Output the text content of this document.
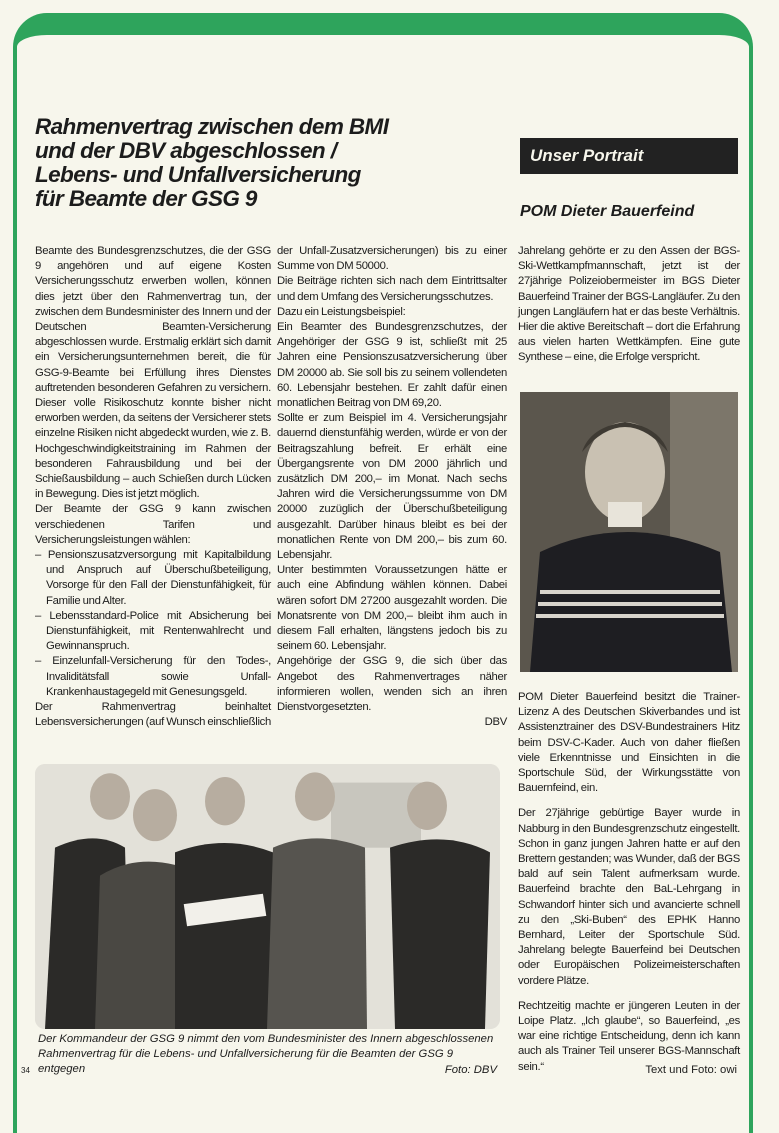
Rahmenvertrag zwischen dem BMI
und der DBV abgeschlossen /
Lebens- und Unfallversicherung
für Beamte der GSG 9
Unser Portrait
POM Dieter Bauerfeind

Beamte des Bundesgrenzschutzes, die der GSG 9 angehören und auf eigene Kosten Versicherungsschutz erwerben wollen, können dies jetzt über den Rahmenvertrag tun, der zwischen dem Bundesminister des Innern und der Deutschen Beamten-Versicherung abgeschlossen wurde. Erstmalig erklärt sich damit ein Versicherungsunternehmen bereit, die für GSG-9-Beamte bei Erfüllung ihres Dienstes auftretenden besonderen Gefahren zu versichern. Dieser volle Risikoschutz konnte bisher nicht erworben werden, da seitens der Versicherer stets einzelne Risiken nicht abgedeckt wurden, wie z. B. Hochgeschwindigkeitstraining im Rahmen der besonderen Fahrausbildung und bei der Schießausbildung – auch Schießen durch Lücken in Bewegung. Dies ist jetzt möglich.

Der Beamte der GSG 9 kann zwischen verschiedenen Tarifen und Versicherungsleistungen wählen:

– Pensionszusatzversorgung mit Kapitalbildung und Anspruch auf Überschußbeteiligung, Vorsorge für den Fall der Dienstunfähigkeit, für Familie und Alter.
– Lebensstandard-Police mit Absicherung bei Dienstunfähigkeit, mit Rentenwahlrecht und Gewinnanspruch.
– Einzelunfall-Versicherung für den Todes-, Invaliditätsfall sowie Unfall-Krankenhaustagegeld mit Genesungsgeld.

Der Rahmenvertrag beinhaltet Lebensversicherungen (auf Wunsch einschließlich

der Unfall-Zusatzversicherungen) bis zu einer Summe von DM 50000.

Die Beiträge richten sich nach dem Eintrittsalter und dem Umfang des Versicherungsschutzes.

Dazu ein Leistungsbeispiel:

Ein Beamter des Bundesgrenzschutzes, der Angehöriger der GSG 9 ist, schließt mit 25 Jahren eine Pensionszusatzversicherung über DM 20000 ab. Sie soll bis zu seinem vollendeten 60. Lebensjahr bestehen. Er zahlt dafür einen monatlichen Beitrag von DM 69,20.

Sollte er zum Beispiel im 4. Versicherungsjahr dauernd dienstunfähig werden, würde er von der Beitragszahlung befreit. Er erhält eine Übergangsrente von DM 2000 jährlich und zusätzlich DM 200,– im Monat. Nach sechs Jahren wird die Versicherungssumme von DM 20000 zuzüglich der Überschußbeteiligung ausgezahlt. Darüber hinaus bleibt es bei der monatlichen Rente von DM 200,– bis zum 60. Lebensjahr.

Unter bestimmten Voraussetzungen hätte er auch eine Abfindung wählen können. Dabei wären sofort DM 27200 ausgezahlt worden. Die Monatsrente von DM 200,– bleibt ihm auch in diesem Fall erhalten, längstens jedoch bis zu seinem 60. Lebensjahr.

Angehörige der GSG 9, die sich über das Angebot des Rahmenvertrages näher informieren wollen, wenden sich an ihren Dienstvorgesetzten.

DBV

Jahrelang gehörte er zu den Assen der BGS-Ski-Wettkampfmannschaft, jetzt ist der 27jährige Polizeiobermeister im BGS Dieter Bauerfeind Trainer der BGS-Langläufer. Zu den jungen Langläufern hat er das beste Verhältnis. Hier die aktive Bereitschaft – dort die Erfahrung aus vielen harten Wettkämpfen. Eine gute Synthese – eine, die Erfolge verspricht.

POM Dieter Bauerfeind besitzt die Trainer-Lizenz A des Deutschen Skiverbandes und ist Assistenztrainer des DSV-Bundestrainers Hitz beim DSV-C-Kader. Auch von daher fließen viele Erkenntnisse und Einsichten in die Sportschule Süd, der Wirkungsstätte von Bauernfeind, ein.

Der 27jährige gebürtige Bayer wurde in Nabburg in den Bundesgrenzschutz eingestellt. Schon in ganz jungen Jahren hatte er auf den Brettern gestanden; was Wunder, daß der BGS bald auf sein Talent aufmerksam wurde. Bauerfeind brachte den BaL-Lehrgang in Schwandorf hinter sich und avancierte schnell zu den „Ski-Buben“ des EPHK Hanno Bernhard, Leiter der Sportschule Süd. Jahrelang belegte Bauerfeind bei Deutschen oder Europäischen Polizeimeisterschaften vordere Plätze.

Rechtzeitig machte er jüngeren Leuten in der Loipe Platz. „Ich glaube“, so Bauerfeind, „es war eine richtige Entscheidung, denn ich kann auch als Trainer Teil unserer BGS-Mannschaft sein.“	Text und Foto: owi
Der Kommandeur der GSG 9 nimmt den vom Bundesminister des Innern abgeschlossenen Rahmenvertrag für die Lebens- und Unfallversicherung für die Beamten der GSG 9 entgegen	Foto: DBV
34
